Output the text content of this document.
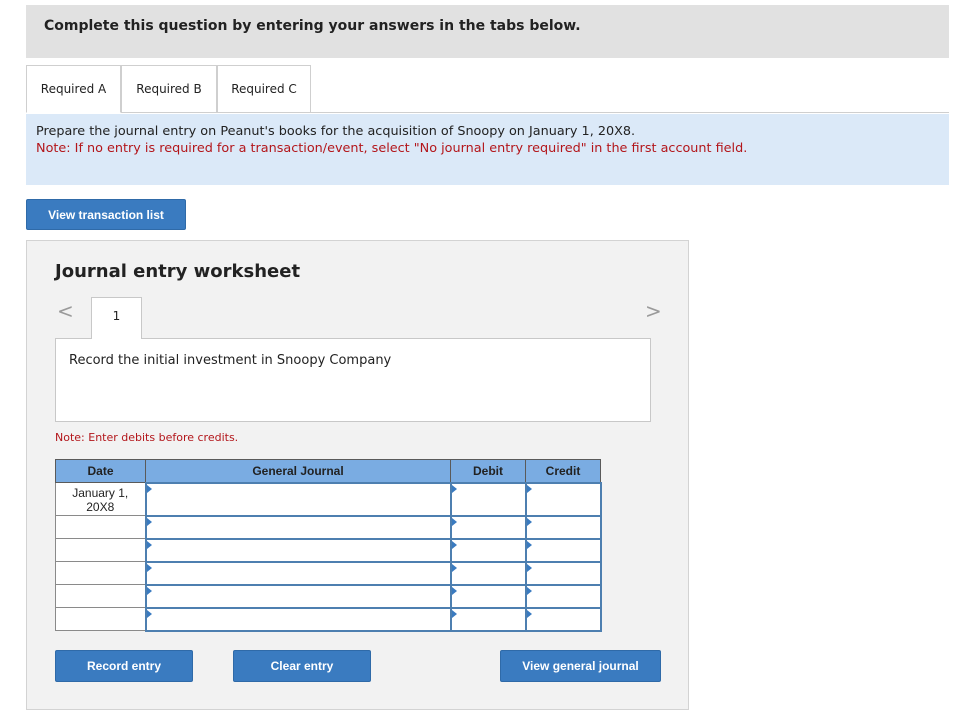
Complete this question by entering your answers in the tabs below.
Required A	Required B	Required C
Prepare the journal entry on Peanut's books for the acquisition of Snoopy on January 1, 20X8.
Note: If no entry is required for a transaction/event, select "No journal entry required" in the first account field.
View transaction list
Journal entry worksheet
<	1	>
Record the initial investment in Snoopy Company
Note: Enter debits before credits.
Date	General Journal	Debit	Credit

January 1,
20X8

Record entry	Clear entry	View general journal
